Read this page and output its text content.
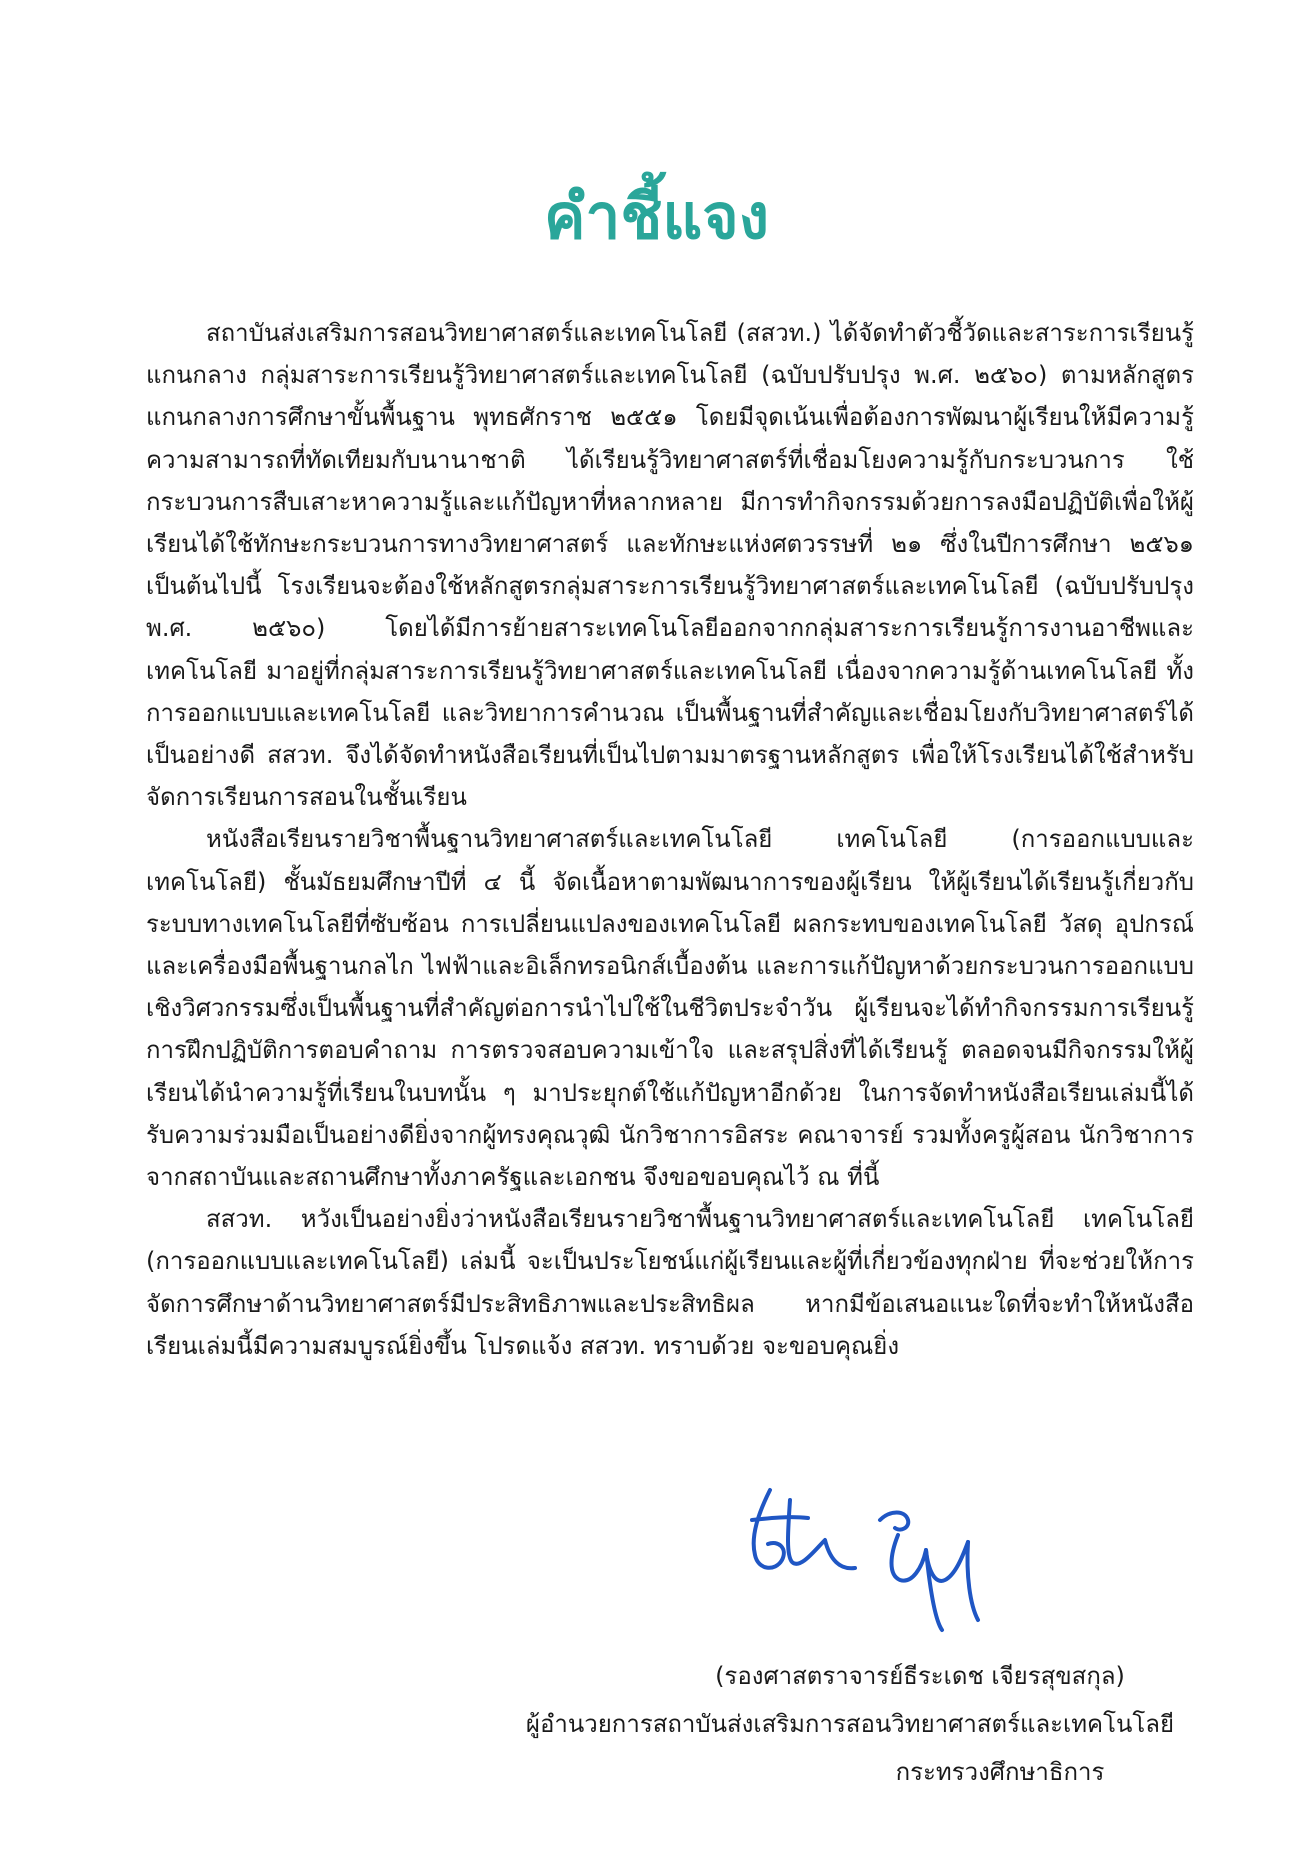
คำชี้แจง

สถาบันส่งเสริมการสอนวิทยาศาสตร์และเทคโนโลยี (สสวท.) ได้จัดทำตัวชี้วัดและสาระการเรียนรู้แกนกลาง กลุ่มสาระการเรียนรู้วิทยาศาสตร์และเทคโนโลยี (ฉบับปรับปรุง พ.ศ. ๒๕๖๐) ตามหลักสูตรแกนกลางการศึกษาขั้นพื้นฐาน พุทธศักราช ๒๕๕๑ โดยมีจุดเน้นเพื่อต้องการพัฒนาผู้เรียนให้มีความรู้ความสามารถที่ทัดเทียมกับนานาชาติ ได้เรียนรู้วิทยาศาสตร์ที่เชื่อมโยงความรู้กับกระบวนการ ใช้กระบวนการสืบเสาะหาความรู้และแก้ปัญหาที่หลากหลาย มีการทำกิจกรรมด้วยการลงมือปฏิบัติเพื่อให้ผู้เรียนได้ใช้ทักษะกระบวนการทางวิทยาศาสตร์ และทักษะแห่งศตวรรษที่ ๒๑ ซึ่งในปีการศึกษา ๒๕๖๑ เป็นต้นไปนี้ โรงเรียนจะต้องใช้หลักสูตรกลุ่มสาระการเรียนรู้วิทยาศาสตร์และเทคโนโลยี (ฉบับปรับปรุง พ.ศ. ๒๕๖๐) โดยได้มีการย้ายสาระเทคโนโลยีออกจากกลุ่มสาระการเรียนรู้การงานอาชีพและเทคโนโลยี มาอยู่ที่กลุ่มสาระการเรียนรู้วิทยาศาสตร์และเทคโนโลยี เนื่องจากความรู้ด้านเทคโนโลยี ทั้งการออกแบบและเทคโนโลยี และวิทยาการคำนวณ เป็นพื้นฐานที่สำคัญและเชื่อมโยงกับวิทยาศาสตร์ได้เป็นอย่างดี สสวท. จึงได้จัดทำหนังสือเรียนที่เป็นไปตามมาตรฐานหลักสูตร เพื่อให้โรงเรียนได้ใช้สำหรับจัดการเรียนการสอนในชั้นเรียน

หนังสือเรียนรายวิชาพื้นฐานวิทยาศาสตร์และเทคโนโลยี เทคโนโลยี (การออกแบบและเทคโนโลยี) ชั้นมัธยมศึกษาปีที่ ๔ นี้ จัดเนื้อหาตามพัฒนาการของผู้เรียน ให้ผู้เรียนได้เรียนรู้เกี่ยวกับระบบทางเทคโนโลยีที่ซับซ้อน การเปลี่ยนแปลงของเทคโนโลยี ผลกระทบของเทคโนโลยี วัสดุ อุปกรณ์และเครื่องมือพื้นฐานกลไก ไฟฟ้าและอิเล็กทรอนิกส์เบื้องต้น และการแก้ปัญหาด้วยกระบวนการออกแบบเชิงวิศวกรรมซึ่งเป็นพื้นฐานที่สำคัญต่อการนำไปใช้ในชีวิตประจำวัน ผู้เรียนจะได้ทำกิจกรรมการเรียนรู้ การฝึกปฏิบัติการตอบคำถาม การตรวจสอบความเข้าใจ และสรุปสิ่งที่ได้เรียนรู้ ตลอดจนมีกิจกรรมให้ผู้เรียนได้นำความรู้ที่เรียนในบทนั้น ๆ มาประยุกต์ใช้แก้ปัญหาอีกด้วย ในการจัดทำหนังสือเรียนเล่มนี้ได้รับความร่วมมือเป็นอย่างดียิ่งจากผู้ทรงคุณวุฒิ นักวิชาการอิสระ คณาจารย์ รวมทั้งครูผู้สอน นักวิชาการจากสถาบันและสถานศึกษาทั้งภาครัฐและเอกชน จึงขอขอบคุณไว้ ณ ที่นี้

สสวท. หวังเป็นอย่างยิ่งว่าหนังสือเรียนรายวิชาพื้นฐานวิทยาศาสตร์และเทคโนโลยี เทคโนโลยี (การออกแบบและเทคโนโลยี) เล่มนี้ จะเป็นประโยชน์แก่ผู้เรียนและผู้ที่เกี่ยวข้องทุกฝ่าย ที่จะช่วยให้การจัดการศึกษาด้านวิทยาศาสตร์มีประสิทธิภาพและประสิทธิผล หากมีข้อเสนอแนะใดที่จะทำให้หนังสือเรียนเล่มนี้มีความสมบูรณ์ยิ่งขึ้น โปรดแจ้ง สสวท. ทราบด้วย จะขอบคุณยิ่ง

(รองศาสตราจารย์ธีระเดช เจียรสุขสกุล)
ผู้อำนวยการสถาบันส่งเสริมการสอนวิทยาศาสตร์และเทคโนโลยี
กระทรวงศึกษาธิการ
